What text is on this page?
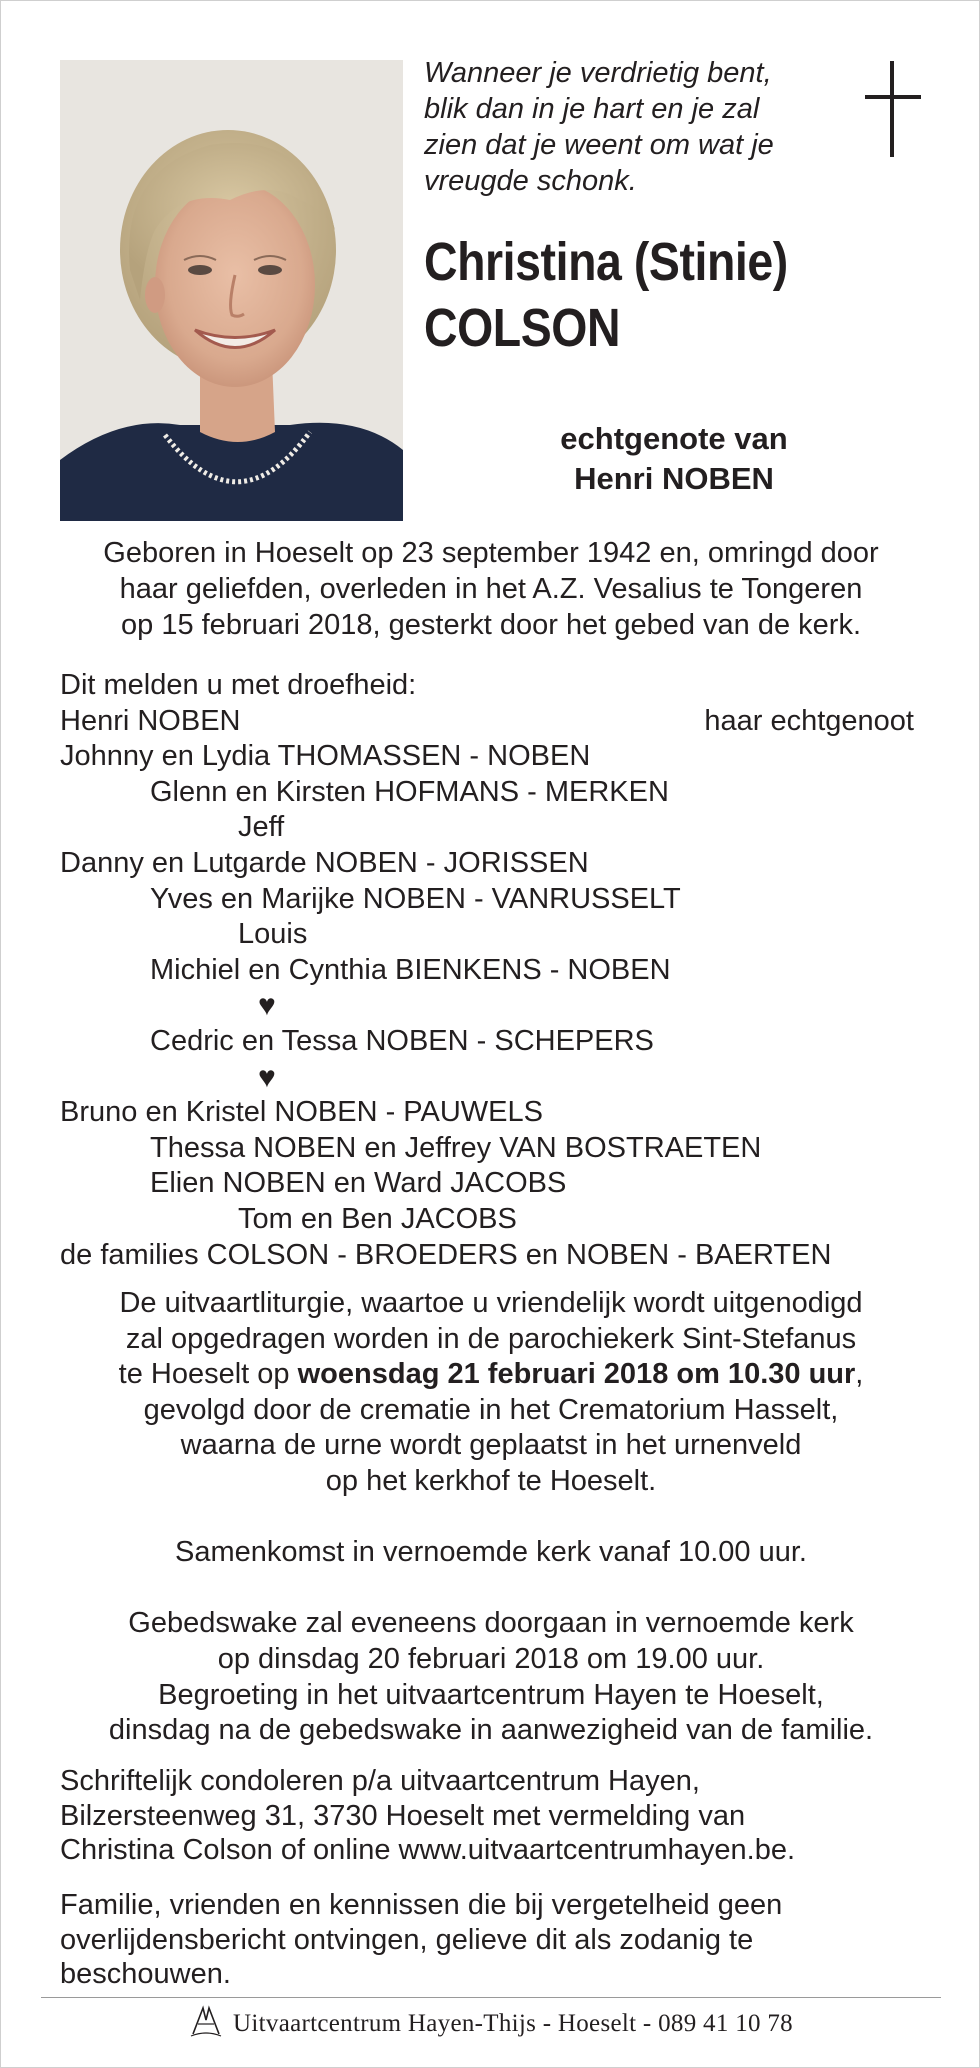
Wanneer je verdrietig bent,
blik dan in je hart en je zal
zien dat je weent om wat je
vreugde schonk.
Christina (Stinie)
COLSON
echtgenote van
Henri NOBEN
Geboren in Hoeselt op 23 september 1942 en, omringd door
haar geliefden, overleden in het A.Z. Vesalius te Tongeren
op 15 februari 2018, gesterkt door het gebed van de kerk.
Dit melden u met droefheid:
Henri NOBEN	haar echtgenoot
Johnny en Lydia THOMASSEN - NOBEN
Glenn en Kirsten HOFMANS - MERKEN
Jeff
Danny en Lutgarde NOBEN - JORISSEN
Yves en Marijke NOBEN - VANRUSSELT
Louis
Michiel en Cynthia BIENKENS - NOBEN
♥
Cedric en Tessa NOBEN - SCHEPERS
♥
Bruno en Kristel NOBEN - PAUWELS
Thessa NOBEN en Jeffrey VAN BOSTRAETEN
Elien NOBEN en Ward JACOBS
Tom en Ben JACOBS
de families COLSON - BROEDERS en NOBEN - BAERTEN

De uitvaartliturgie, waartoe u vriendelijk wordt uitgenodigd

zal opgedragen worden in de parochiekerk Sint-Stefanus

te Hoeselt op woensdag 21 februari 2018 om 10.30 uur,

gevolgd door de crematie in het Crematorium Hasselt,

waarna de urne wordt geplaatst in het urnenveld

op het kerkhof te Hoeselt.

Samenkomst in vernoemde kerk vanaf 10.00 uur.

Gebedswake zal eveneens doorgaan in vernoemde kerk

op dinsdag 20 februari 2018 om 19.00 uur.

Begroeting in het uitvaartcentrum Hayen te Hoeselt,

dinsdag na de gebedswake in aanwezigheid van de familie.

Schriftelijk condoleren p/a uitvaartcentrum Hayen,
Bilzersteenweg 31, 3730 Hoeselt met vermelding van
Christina Colson of online www.uitvaartcentrumhayen.be.
Familie, vrienden en kennissen die bij vergetelheid geen
overlijdensbericht ontvingen, gelieve dit als zodanig te
beschouwen.
Uitvaartcentrum Hayen-Thijs - Hoeselt - 089 41 10 78
